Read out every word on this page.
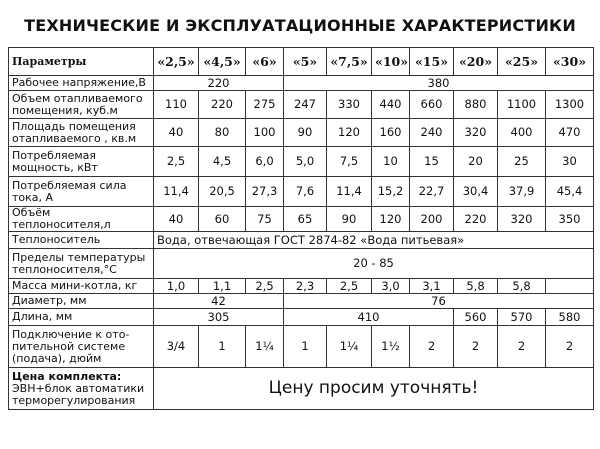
ТЕХНИЧЕСКИЕ И ЭКСПЛУАТАЦИОННЫЕ ХАРАКТЕРИСТИКИ
Параметры	«2,5»	«4,5»	«6»	«5»	«7,5»	«10»	«15»	«20»	«25»	«30»
Рабочее напряжение,В	220			380						
Объем отапливаемого помещения, куб.м	110	220	275	247	330	440	660	880	1100	1300
Площадь помещения отапливаемого , кв.м	40	80	100	90	120	160	240	320	400	470
Потребляемая мощность, кВт	2,5	4,5	6,0	5,0	7,5	10	15	20	25	30
Потребляемая сила тока, А	11,4	20,5	27,3	7,6	11,4	15,2	22,7	30,4	37,9	45,4
Объём теплоносителя,л	40	60	75	65	90	120	200	220	320	350
Теплоноситель	Вода, отвечающая ГОСТ 2874-82 «Вода питьевая»									
Пределы температуры теплоносителя,°С	20 - 85									
Масса мини-котла, кг	1,0	1,1	2,5	2,3	2,5	3,0	3,1	5,8	5,8	
Диаметр, мм	42			76						
Длина, мм	305			410				560	570	580
Подключение к ото-пительной системе (подача), дюйм	3/4	1	1¼	1	1¼	1½	2	2	2	2
Цена комплекта:
ЭВН+блок автоматики терморегулирования	Цену просим уточнять!									
